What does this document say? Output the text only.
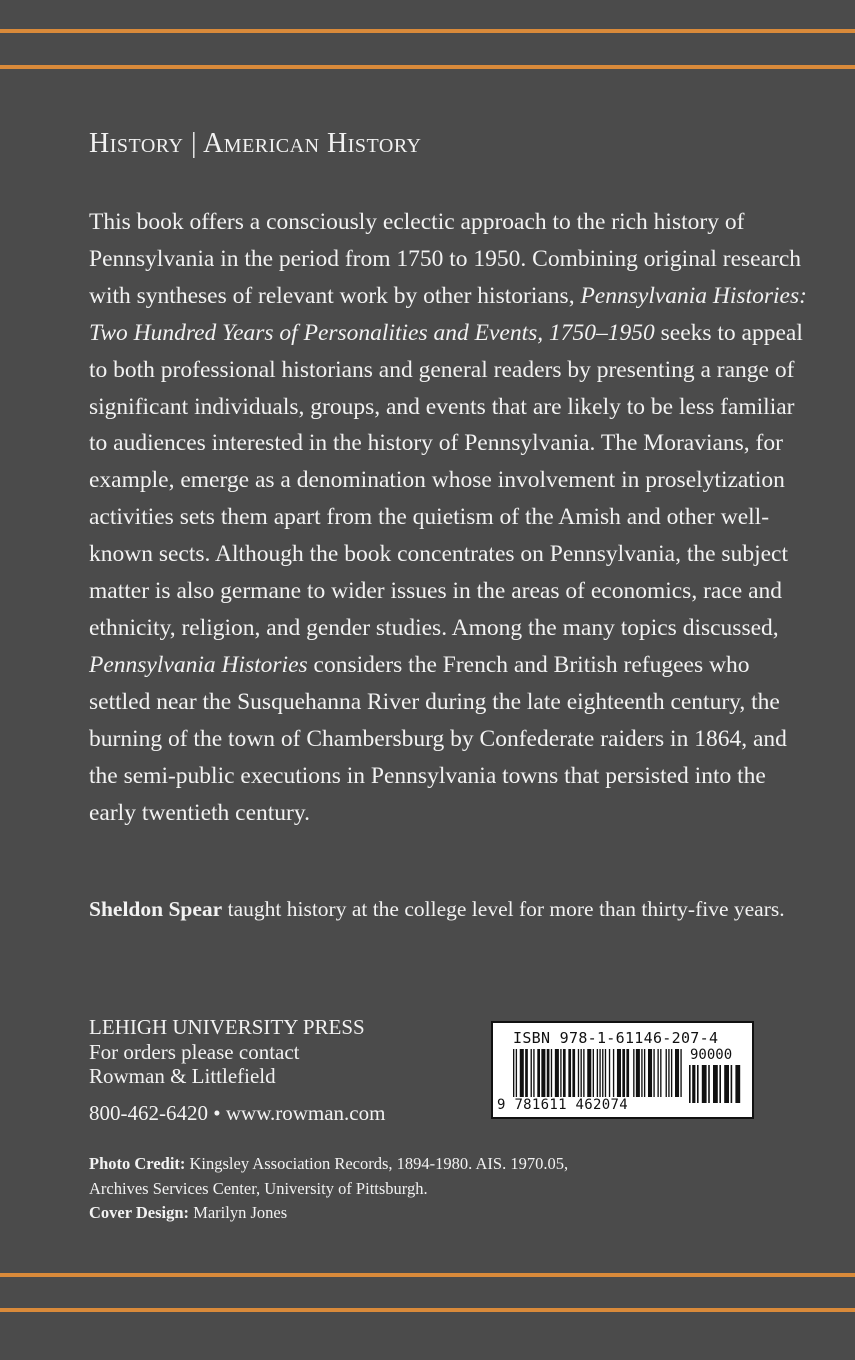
History | American History
This book offers a consciously eclectic approach to the rich history of Pennsylvania in the period from 1750 to 1950. Combining original research with syntheses of relevant work by other historians, Pennsylvania Histories: Two Hundred Years of Personalities and Events, 1750–1950 seeks to appeal to both professional historians and general readers by presenting a range of significant individuals, groups, and events that are likely to be less familiar to audiences interested in the history of Pennsylvania. The Moravians, for example, emerge as a denomination whose involvement in proselytization activities sets them apart from the quietism of the Amish and other well-known sects. Although the book concentrates on Pennsylvania, the subject matter is also germane to wider issues in the areas of economics, race and ethnicity, religion, and gender studies. Among the many topics discussed, Pennsylvania Histories considers the French and British refugees who settled near the Susquehanna River during the late eighteenth century, the burning of the town of Chambersburg by Confederate raiders in 1864, and the semi-public executions in Pennsylvania towns that persisted into the early twentieth century.
Sheldon Spear taught history at the college level for more than thirty-five years.
LEHIGH UNIVERSITY PRESS
For orders please contact
Rowman & Littlefield
800-462-6420 • www.rowman.com
Photo Credit: Kingsley Association Records, 1894-1980. AIS. 1970.05, Archives Services Center, University of Pittsburgh.
Cover Design: Marilyn Jones
ISBN 978-1-61146-207-4
90000
9 781611 462074
